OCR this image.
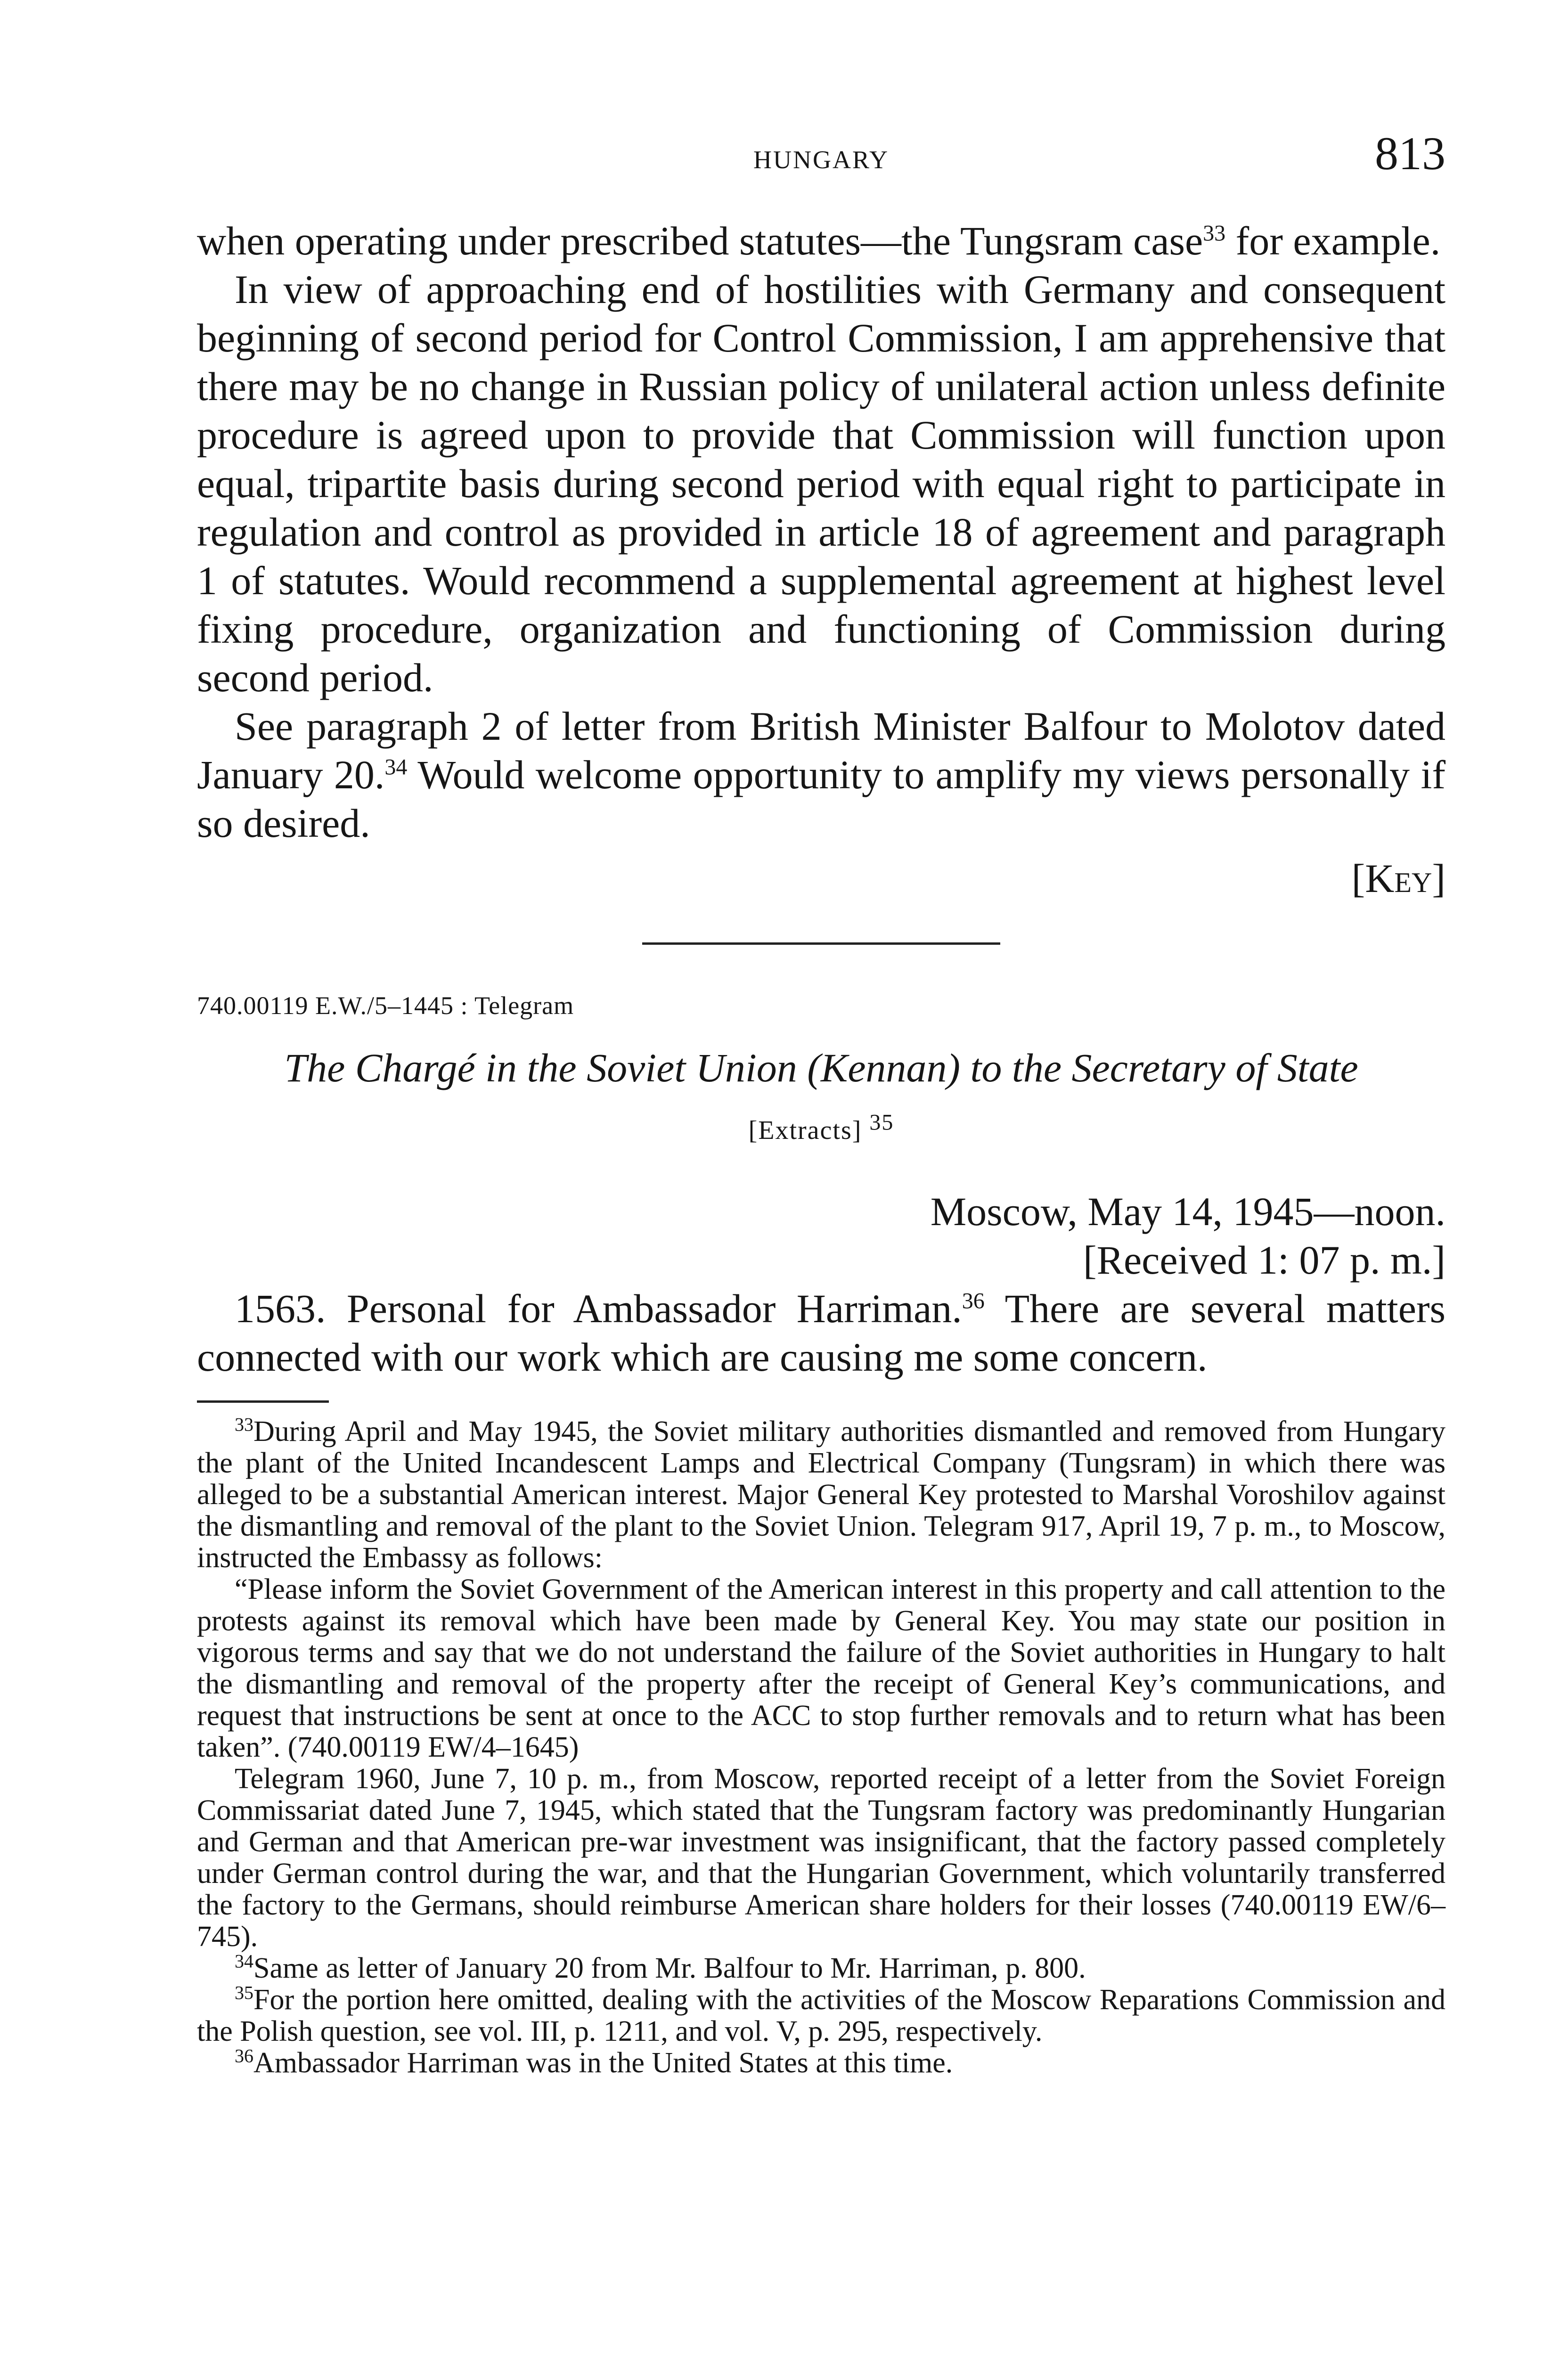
HUNGARY	813

when operating under prescribed statutes—the Tungsram case$^{33}$ for example.

In view of approaching end of hostilities with Germany and consequent beginning of second period for Control Commission, I am apprehensive that there may be no change in Russian policy of unilateral action unless definite procedure is agreed upon to provide that Commission will function upon equal, tripartite basis during second period with equal right to participate in regulation and control as provided in article 18 of agreement and paragraph 1 of statutes. Would recommend a supplemental agreement at highest level fixing procedure, organization and functioning of Commission during second period.

See paragraph 2 of letter from British Minister Balfour to Molotov dated January 20.34 Would welcome opportunity to amplify my views personally if so desired.

[Key]

740.00119 E.W./5–1445 : Telegram

The Chargé in the Soviet Union (Kennan) to the Secretary of State

[Extracts] 35

Moscow, May 14, 1945—noon.

[Received 1: 07 p. m.]

1563. Personal for Ambassador Harriman.$^{36}$ There are several matters connected with our work which are causing me some concern.

$^{33}$During April and May 1945, the Soviet military authorities dismantled and removed from Hungary the plant of the United Incandescent Lamps and Electrical Company (Tungsram) in which there was alleged to be a substantial American interest. Major General Key protested to Marshal Voroshilov against the dismantling and removal of the plant to the Soviet Union. Telegram 917, April 19, 7 p. m., to Moscow, instructed the Embassy as follows:

“Please inform the Soviet Government of the American interest in this property and call attention to the protests against its removal which have been made by General Key. You may state our position in vigorous terms and say that we do not understand the failure of the Soviet authorities in Hungary to halt the dismantling and removal of the property after the receipt of General Key’s communications, and request that instructions be sent at once to the ACC to stop further removals and to return what has been taken”. (740.00119 EW/4–1645)

Telegram 1960, June 7, 10 p. m., from Moscow, reported receipt of a letter from the Soviet Foreign Commissariat dated June 7, 1945, which stated that the Tungsram factory was predominantly Hungarian and German and that American pre-war investment was insignificant, that the factory passed completely under German control during the war, and that the Hungarian Government, which voluntarily transferred the factory to the Germans, should reimburse American share holders for their losses (740.00119 EW/6–745).

$^{34}$Same as letter of January 20 from Mr. Balfour to Mr. Harriman, p. 800.

$^{35}$For the portion here omitted, dealing with the activities of the Moscow Reparations Commission and the Polish question, see vol. III, p. 1211, and vol. V, p. 295, respectively.

$^{36}$Ambassador Harriman was in the United States at this time.
